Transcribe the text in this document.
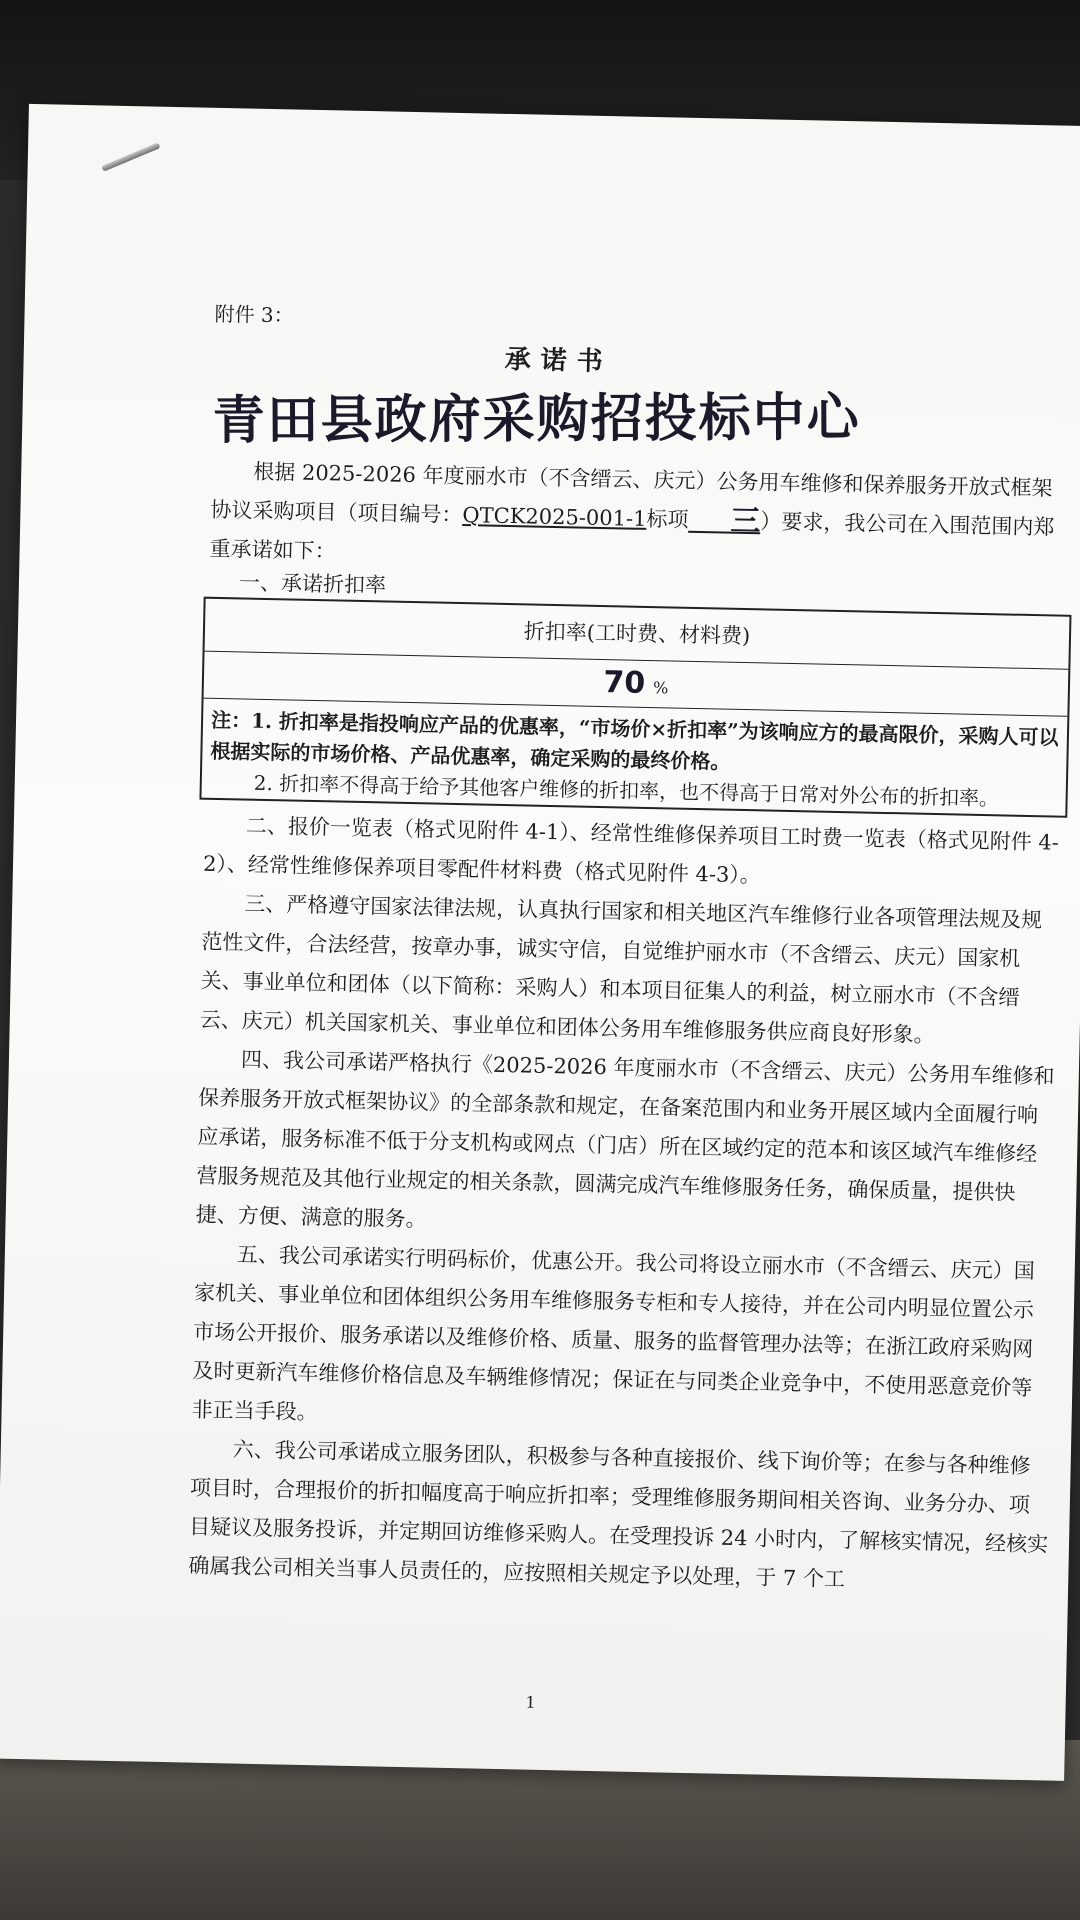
附件 3：
承诺书
青田县政府采购招投标中心
根据 2025-2026 年度丽水市（不含缙云、庆元）公务用车维修和保养服务开放式框架协议采购项目（项目编号：QTCK2025-001-1标项 三）要求，我公司在入围范围内郑重承诺如下：
一、承诺折扣率
折扣率(工时费、材料费)
70 %
注：1. 折扣率是指投响应产品的优惠率，“市场价×折扣率”为该响应方的最高限价，采购人可以根据实际的市场价格、产品优惠率，确定采购的最终价格。
2. 折扣率不得高于给予其他客户维修的折扣率，也不得高于日常对外公布的折扣率。
二、报价一览表（格式见附件 4-1）、经常性维修保养项目工时费一览表（格式见附件 4-2）、经常性维修保养项目零配件材料费（格式见附件 4-3）。
三、严格遵守国家法律法规，认真执行国家和相关地区汽车维修行业各项管理法规及规范性文件，合法经营，按章办事，诚实守信，自觉维护丽水市（不含缙云、庆元）国家机关、事业单位和团体（以下简称：采购人）和本项目征集人的利益，树立丽水市（不含缙云、庆元）机关国家机关、事业单位和团体公务用车维修服务供应商良好形象。
四、我公司承诺严格执行《2025-2026 年度丽水市（不含缙云、庆元）公务用车维修和保养服务开放式框架协议》的全部条款和规定，在备案范围内和业务开展区域内全面履行响应承诺，服务标准不低于分支机构或网点（门店）所在区域约定的范本和该区域汽车维修经营服务规范及其他行业规定的相关条款，圆满完成汽车维修服务任务，确保质量，提供快捷、方便、满意的服务。
五、我公司承诺实行明码标价，优惠公开。我公司将设立丽水市（不含缙云、庆元）国家机关、事业单位和团体组织公务用车维修服务专柜和专人接待，并在公司内明显位置公示市场公开报价、服务承诺以及维修价格、质量、服务的监督管理办法等；在浙江政府采购网及时更新汽车维修价格信息及车辆维修情况；保证在与同类企业竞争中，不使用恶意竞价等非正当手段。
六、我公司承诺成立服务团队，积极参与各种直接报价、线下询价等；在参与各种维修项目时，合理报价的折扣幅度高于响应折扣率；受理维修服务期间相关咨询、业务分办、项目疑议及服务投诉，并定期回访维修采购人。在受理投诉 24 小时内，了解核实情况，经核实确属我公司相关当事人员责任的，应按照相关规定予以处理，于 7 个工
1
